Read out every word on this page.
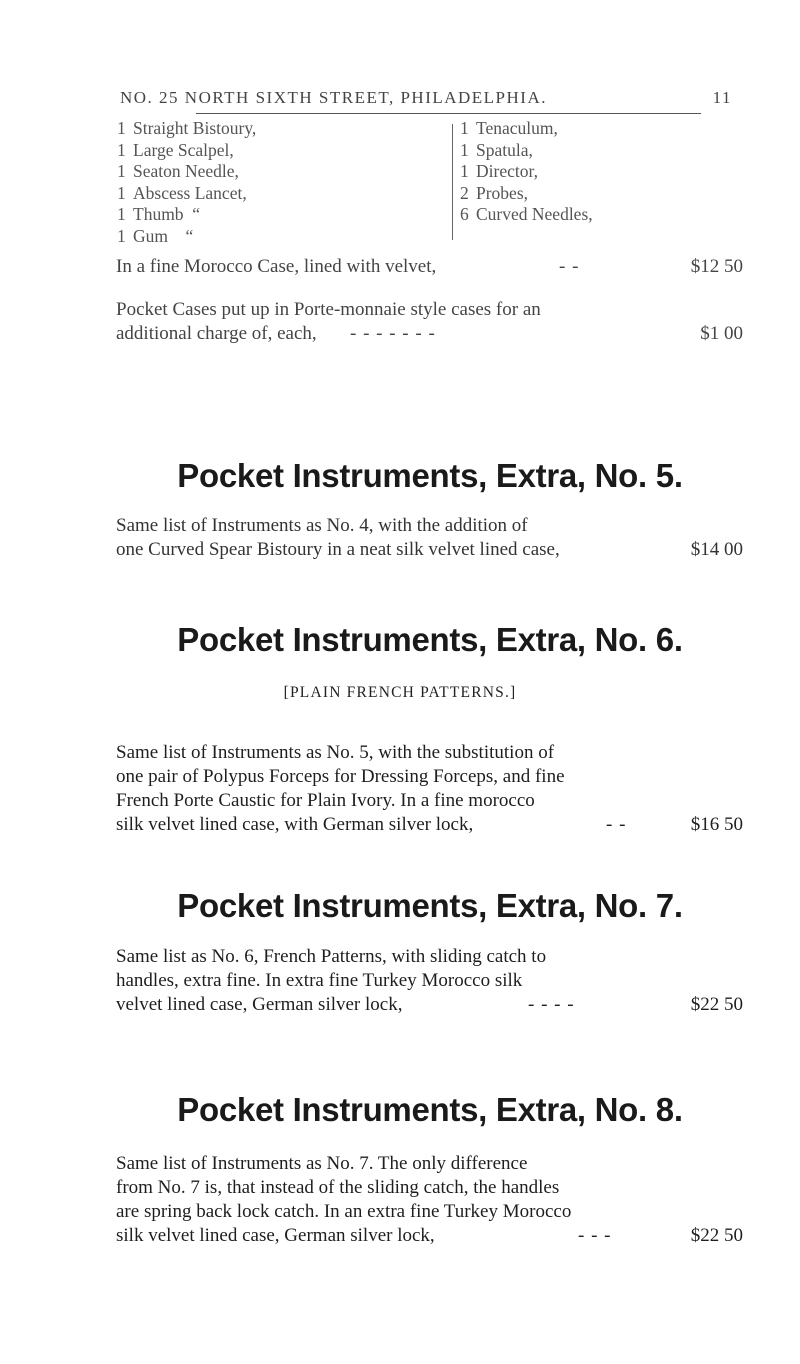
NO. 25 NORTH SIXTH STREET, PHILADELPHIA.	11
1 Straight Bistoury,
1 Large Scalpel,
1 Seaton Needle,
1 Abscess Lancet,
1 Thumb  “
1 Gum    “
1 Tenaculum,
1 Spatula,
1 Director,
2 Probes,
6 Curved Needles,
In a fine Morocco Case, lined with velvet,	- -	$12 50
Pocket Cases put up in Porte-monnaie style cases for an
additional charge of, each, - - - - - - -	$1 00
Pocket Instruments, Extra, No. 5.
Same list of Instruments as No. 4, with the addition of
one Curved Spear Bistoury in a neat silk velvet lined case,	$14 00
Pocket Instruments, Extra, No. 6.
[PLAIN FRENCH PATTERNS.]
Same list of Instruments as No. 5, with the substitution of
one pair of Polypus Forceps for Dressing Forceps, and fine
French Porte Caustic for Plain Ivory. In a fine morocco
silk velvet lined case, with German silver lock,	- -	$16 50
Pocket Instruments, Extra, No. 7.
Same list as No. 6, French Patterns, with sliding catch to
handles, extra fine. In extra fine Turkey Morocco silk
velvet lined case, German silver lock,	- - - -	$22 50
Pocket Instruments, Extra, No. 8.
Same list of Instruments as No. 7. The only difference
from No. 7 is, that instead of the sliding catch, the handles
are spring back lock catch. In an extra fine Turkey Morocco
silk velvet lined case, German silver lock,	- - -	$22 50
